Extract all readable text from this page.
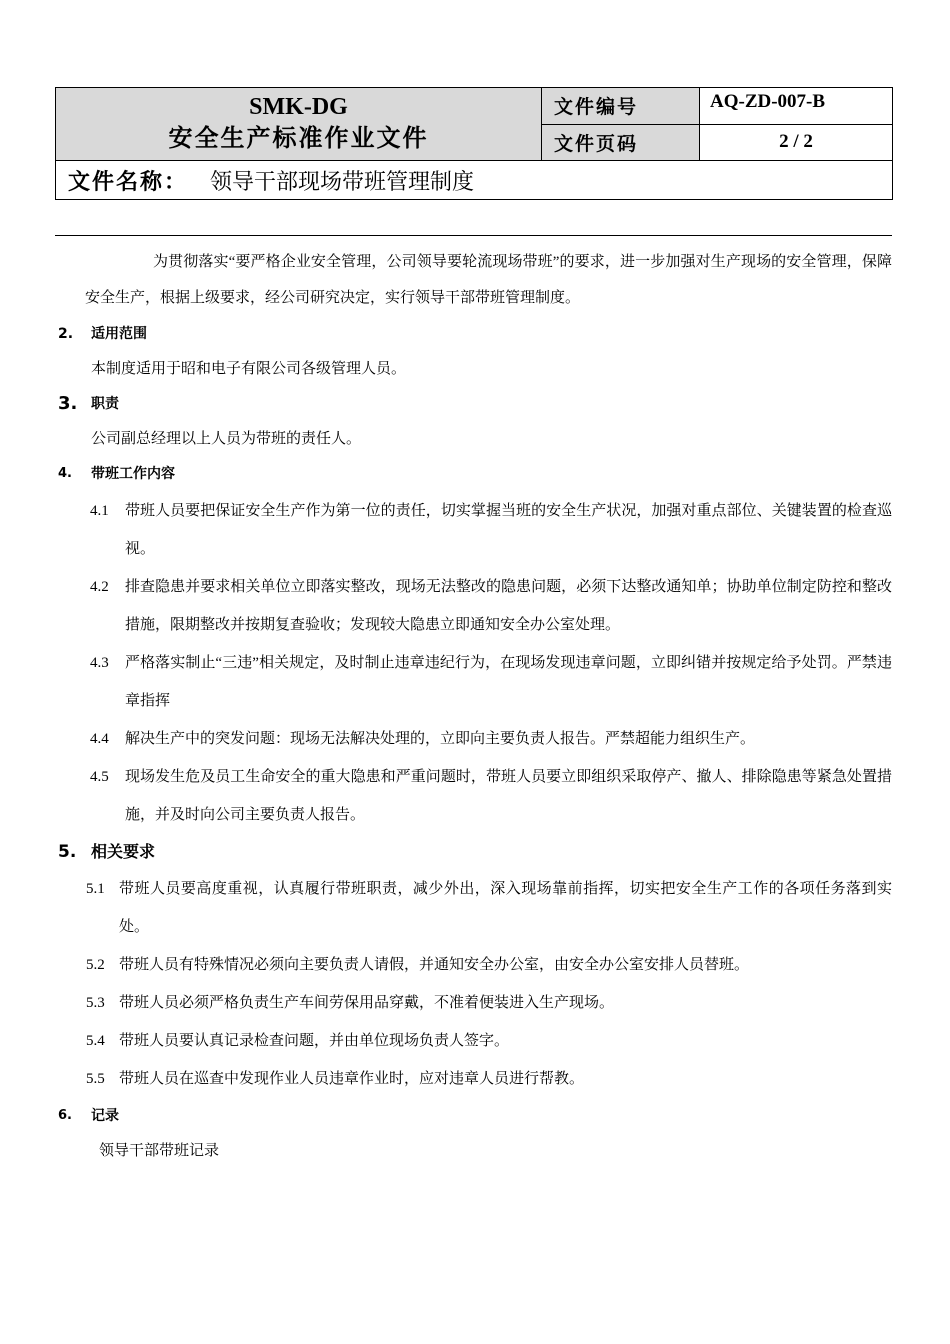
SMK-DG
安全生产标准作业文件	文件编号	AQ-ZD-007-B
	文件页码	2 / 2
文件名称： 领导干部现场带班管理制度		

为贯彻落实“要严格企业安全管理，公司领导要轮流现场带班”的要求，进一步加强对生产现场的安全管理，保障安全生产，根据上级要求，经公司研究决定，实行领导干部带班管理制度。

2. 适用范围

本制度适用于昭和电子有限公司各级管理人员。

3. 职责

公司副总经理以上人员为带班的责任人。

4. 带班工作内容

4.1 带班人员要把保证安全生产作为第一位的责任，切实掌握当班的安全生产状况，加强对重点部位、关键装置的检查巡视。

4.2 排查隐患并要求相关单位立即落实整改，现场无法整改的隐患问题，必须下达整改通知单；协助单位制定防控和整改措施，限期整改并按期复查验收；发现较大隐患立即通知安全办公室处理。

4.3 严格落实制止“三违”相关规定，及时制止违章违纪行为，在现场发现违章问题，立即纠错并按规定给予处罚。严禁违章指挥

4.4 解决生产中的突发问题：现场无法解决处理的，立即向主要负责人报告。严禁超能力组织生产。

4.5 现场发生危及员工生命安全的重大隐患和严重问题时，带班人员要立即组织采取停产、撤人、排除隐患等紧急处置措施，并及时向公司主要负责人报告。

5. 相关要求

5.1 带班人员要高度重视，认真履行带班职责，减少外出，深入现场靠前指挥，切实把安全生产工作的各项任务落到实处。

5.2 带班人员有特殊情况必须向主要负责人请假，并通知安全办公室，由安全办公室安排人员替班。

5.3 带班人员必须严格负责生产车间劳保用品穿戴，不准着便装进入生产现场。

5.4 带班人员要认真记录检查问题，并由单位现场负责人签字。

5.5 带班人员在巡查中发现作业人员违章作业时，应对违章人员进行帮教。

6. 记录

领导干部带班记录
